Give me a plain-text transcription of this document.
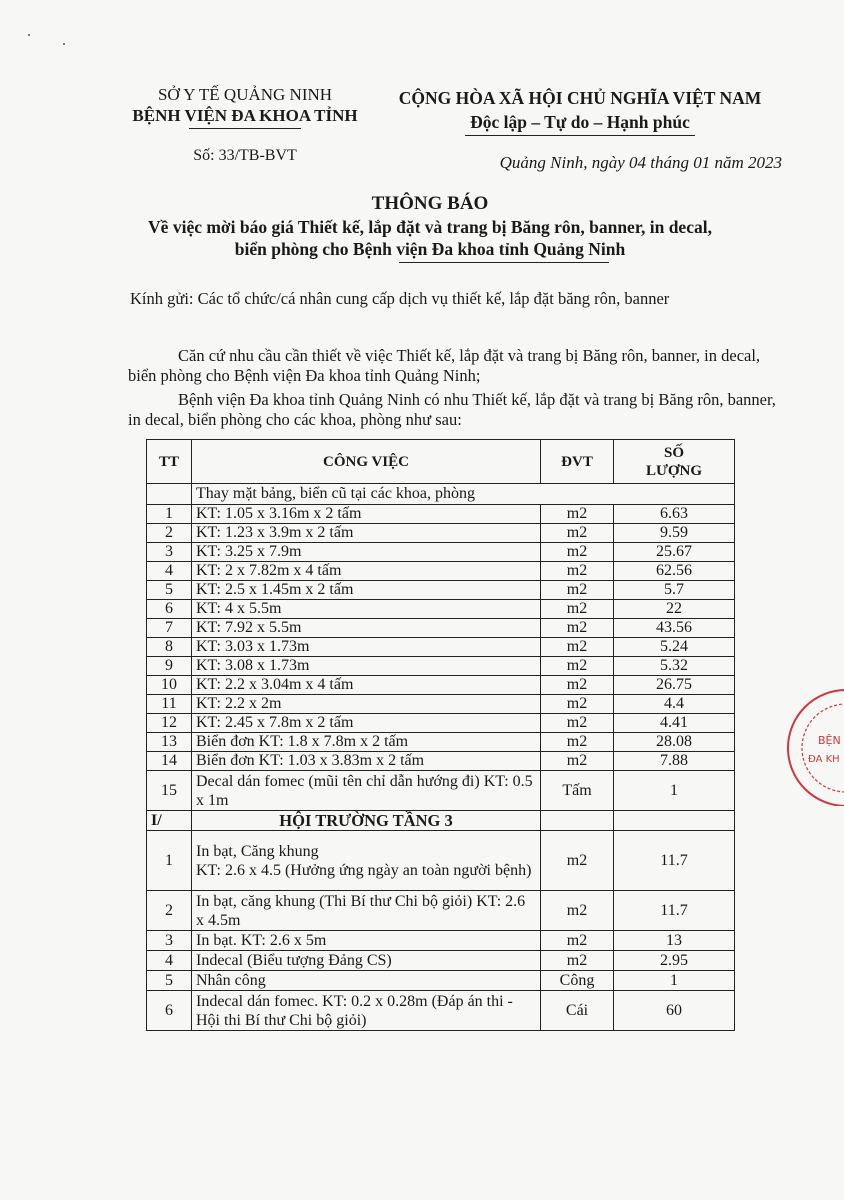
SỞ Y TẾ QUẢNG NINH
BỆNH VIỆN ĐA KHOA TỈNH
Số: 33/TB-BVT
CỘNG HÒA XÃ HỘI CHỦ NGHĨA VIỆT NAM
Độc lập – Tự do – Hạnh phúc
Quảng Ninh, ngày 04 tháng 01 năm 2023
THÔNG BÁO
Về việc mời báo giá Thiết kế, lắp đặt và trang bị Băng rôn, banner, in decal,
biển phòng cho Bệnh viện Đa khoa tỉnh Quảng Ninh
Kính gửi: Các tổ chức/cá nhân cung cấp dịch vụ thiết kế, lắp đặt băng rôn, banner
Căn cứ nhu cầu cần thiết về việc Thiết kế, lắp đặt và trang bị Băng rôn, banner, in decal, biển phòng cho Bệnh viện Đa khoa tỉnh Quảng Ninh;
Bệnh viện Đa khoa tỉnh Quảng Ninh có nhu Thiết kế, lắp đặt và trang bị Băng rôn, banner, in decal, biển phòng cho các khoa, phòng như sau:
TT	CÔNG VIỆC	ĐVT	SỐ
LƯỢNG

	Thay mặt bảng, biển cũ tại các khoa, phòng		
1	KT: 1.05 x 3.16m x 2 tấm	m2	6.63
2	KT: 1.23 x 3.9m x 2 tấm	m2	9.59
3	KT: 3.25 x 7.9m	m2	25.67
4	KT: 2 x 7.82m x 4 tấm	m2	62.56
5	KT: 2.5 x 1.45m x 2 tấm	m2	5.7
6	KT: 4 x 5.5m	m2	22
7	KT: 7.92 x 5.5m	m2	43.56
8	KT: 3.03 x 1.73m	m2	5.24
9	KT: 3.08 x 1.73m	m2	5.32
10	KT: 2.2 x 3.04m x 4 tấm	m2	26.75
11	KT: 2.2 x 2m	m2	4.4
12	KT: 2.45 x 7.8m x 2 tấm	m2	4.41
13	Biển đơn KT: 1.8 x 7.8m x 2 tấm	m2	28.08
14	Biển đơn KT: 1.03 x 3.83m x 2 tấm	m2	7.88
15	Decal dán fomec (mũi tên chỉ dẫn hướng đi) KT: 0.5 x 1m	Tấm	1
I/	HỘI TRƯỜNG TẦNG 3		
1	In bạt, Căng khung
KT: 2.6 x 4.5 (Hưởng ứng ngày an toàn người bệnh)	m2	11.7
2	In bạt, căng khung (Thi Bí thư Chi bộ giỏi) KT: 2.6 x 4.5m	m2	11.7
3	In bạt. KT: 2.6 x 5m	m2	13
4	Indecal (Biểu tượng Đảng CS)	m2	2.95
5	Nhân công	Công	1
6	Indecal dán fomec. KT: 0.2 x 0.28m (Đáp án thi - Hội thi Bí thư Chi bộ giỏi)	Cái	60
BỆN
ĐA KH
